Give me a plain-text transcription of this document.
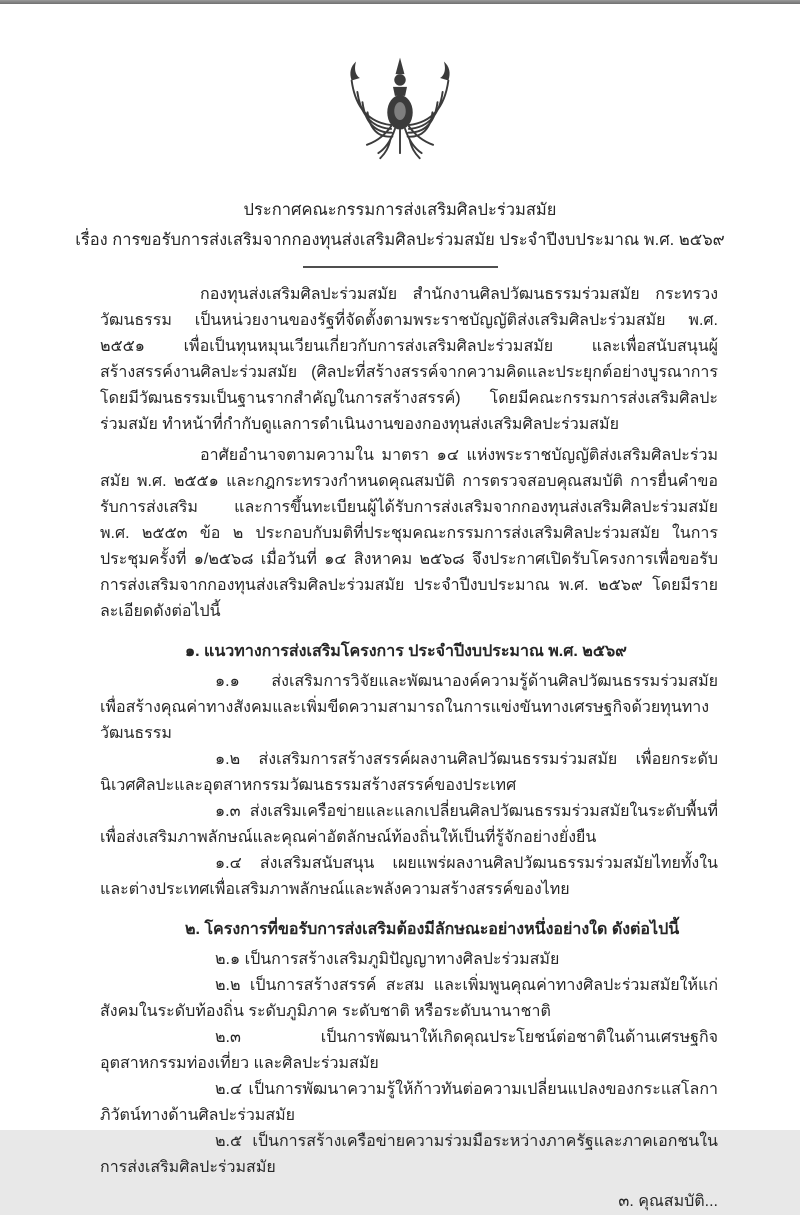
ประกาศคณะกรรมการส่งเสริมศิลปะร่วมสมัย
เรื่อง การขอรับการส่งเสริมจากกองทุนส่งเสริมศิลปะร่วมสมัย ประจำปีงบประมาณ พ.ศ. ๒๕๖๙

กองทุนส่งเสริมศิลปะร่วมสมัย สำนักงานศิลปวัฒนธรรมร่วมสมัย กระทรวงวัฒนธรรม เป็นหน่วยงานของรัฐที่จัดตั้งตามพระราชบัญญัติส่งเสริมศิลปะร่วมสมัย พ.ศ. ๒๕๕๑ เพื่อเป็นทุนหมุนเวียนเกี่ยวกับการส่งเสริมศิลปะร่วมสมัย และเพื่อสนับสนุนผู้สร้างสรรค์งานศิลปะร่วมสมัย (ศิลปะที่สร้างสรรค์จากความคิดและประยุกต์อย่างบูรณาการ โดยมีวัฒนธรรมเป็นฐานรากสำคัญในการสร้างสรรค์) โดยมีคณะกรรมการส่งเสริมศิลปะร่วมสมัย ทำหน้าที่กำกับดูแลการดำเนินงานของกองทุนส่งเสริมศิลปะร่วมสมัย

อาศัยอำนาจตามความใน มาตรา ๑๔ แห่งพระราชบัญญัติส่งเสริมศิลปะร่วมสมัย พ.ศ. ๒๕๕๑ และกฎกระทรวงกำหนดคุณสมบัติ การตรวจสอบคุณสมบัติ การยื่นคำขอรับการส่งเสริม และการขึ้นทะเบียนผู้ได้รับการส่งเสริมจากกองทุนส่งเสริมศิลปะร่วมสมัย พ.ศ. ๒๕๕๓ ข้อ ๒ ประกอบกับมติที่ประชุมคณะกรรมการส่งเสริมศิลปะร่วมสมัย ในการประชุมครั้งที่ ๑/๒๕๖๘ เมื่อวันที่ ๑๔ สิงหาคม ๒๕๖๘ จึงประกาศเปิดรับโครงการเพื่อขอรับการส่งเสริมจากกองทุนส่งเสริมศิลปะร่วมสมัย ประจำปีงบประมาณ พ.ศ. ๒๕๖๙ โดยมีรายละเอียดดังต่อไปนี้

๑. แนวทางการส่งเสริมโครงการ ประจำปีงบประมาณ พ.ศ. ๒๕๖๙

๑.๑ ส่งเสริมการวิจัยและพัฒนาองค์ความรู้ด้านศิลปวัฒนธรรมร่วมสมัย เพื่อสร้างคุณค่าทางสังคมและเพิ่มขีดความสามารถในการแข่งขันทางเศรษฐกิจด้วยทุนทางวัฒนธรรม

๑.๒ ส่งเสริมการสร้างสรรค์ผลงานศิลปวัฒนธรรมร่วมสมัย เพื่อยกระดับนิเวศศิลปะและอุตสาหกรรมวัฒนธรรมสร้างสรรค์ของประเทศ

๑.๓ ส่งเสริมเครือข่ายและแลกเปลี่ยนศิลปวัฒนธรรมร่วมสมัยในระดับพื้นที่ เพื่อส่งเสริมภาพลักษณ์และคุณค่าอัตลักษณ์ท้องถิ่นให้เป็นที่รู้จักอย่างยั่งยืน

๑.๔ ส่งเสริมสนับสนุน เผยแพร่ผลงานศิลปวัฒนธรรมร่วมสมัยไทยทั้งในและต่างประเทศเพื่อเสริมภาพลักษณ์และพลังความสร้างสรรค์ของไทย

๒. โครงการที่ขอรับการส่งเสริมต้องมีลักษณะอย่างหนึ่งอย่างใด ดังต่อไปนี้

๒.๑ เป็นการสร้างเสริมภูมิปัญญาทางศิลปะร่วมสมัย

๒.๒ เป็นการสร้างสรรค์ สะสม และเพิ่มพูนคุณค่าทางศิลปะร่วมสมัยให้แก่สังคมในระดับท้องถิ่น ระดับภูมิภาค ระดับชาติ หรือระดับนานาชาติ

๒.๓ เป็นการพัฒนาให้เกิดคุณประโยชน์ต่อชาติในด้านเศรษฐกิจ อุตสาหกรรมท่องเที่ยว และศิลปะร่วมสมัย

๒.๔ เป็นการพัฒนาความรู้ให้ก้าวทันต่อความเปลี่ยนแปลงของกระแสโลกาภิวัตน์ทางด้านศิลปะร่วมสมัย

๒.๕ เป็นการสร้างเครือข่ายความร่วมมือระหว่างภาครัฐและภาคเอกชนในการส่งเสริมศิลปะร่วมสมัย

๓. คุณสมบัติ...
